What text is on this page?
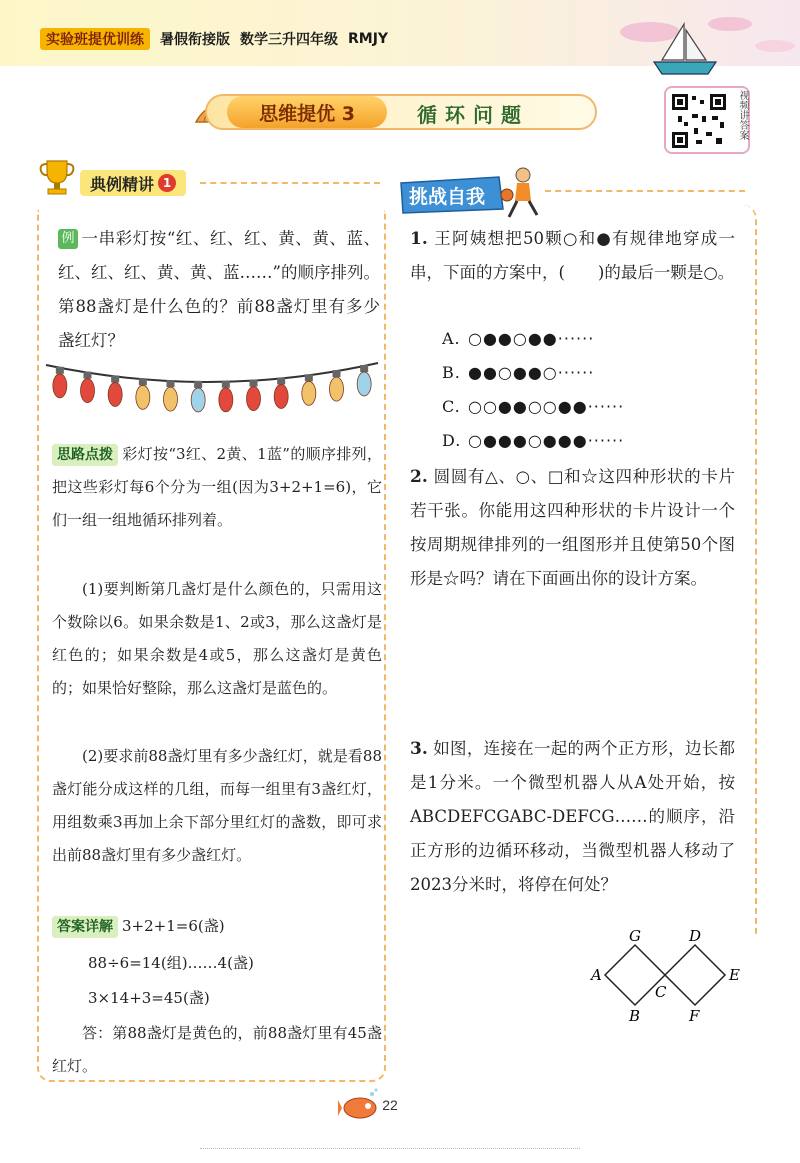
实验班提优训练	暑假衔接版 数学三升四年级 RMJY
思维提优 3	循环问题	视频讲答案
典例精讲 1
例 一串彩灯按“红、红、红、黄、黄、蓝、红、红、红、黄、黄、蓝……”的顺序排列。第88盏灯是什么色的？前88盏灯里有多少盏红灯？
思路点拨 彩灯按“3红、2黄、1蓝”的顺序排列，把这些彩灯每6个分为一组(因为3+2+1=6)，它们一组一组地循环排列着。
(1)要判断第几盏灯是什么颜色的，只需用这个数除以6。如果余数是1、2或3，那么这盏灯是红色的；如果余数是4或5，那么这盏灯是黄色的；如果恰好整除，那么这盏灯是蓝色的。
(2)要求前88盏灯里有多少盏红灯，就是看88盏灯能分成这样的几组，而每一组里有3盏红灯，用组数乘3再加上余下部分里红灯的盏数，即可求出前88盏灯里有多少盏红灯。
答案详解 3+2+1=6(盏)
88÷6=14(组)……4(盏)
3×14+3=45(盏)
答：第88盏灯是黄色的，前88盏灯里有45盏红灯。
挑战自我
1. 王阿姨想把50颗○和●有规律地穿成一串，下面的方案中，(　　)的最后一颗是○。
A. ○●●○●●······
B. ●●○●●○······
C. ○○●●○○●●······
D. ○●●●○●●●······
2. 圆圆有△、○、□和☆这四种形状的卡片若干张。你能用这四种形状的卡片设计一个按周期规律排列的一组图形并且使第50个图形是☆吗？请在下面画出你的设计方案。
3. 如图，连接在一起的两个正方形，边长都是1分米。一个微型机器人从A处开始，按ABCDEFCGABC-DEFCG……的顺序，沿正方形的边循环移动，当微型机器人移动了2023分米时，将停在何处？
A
B
C
D
E
F
G
22
